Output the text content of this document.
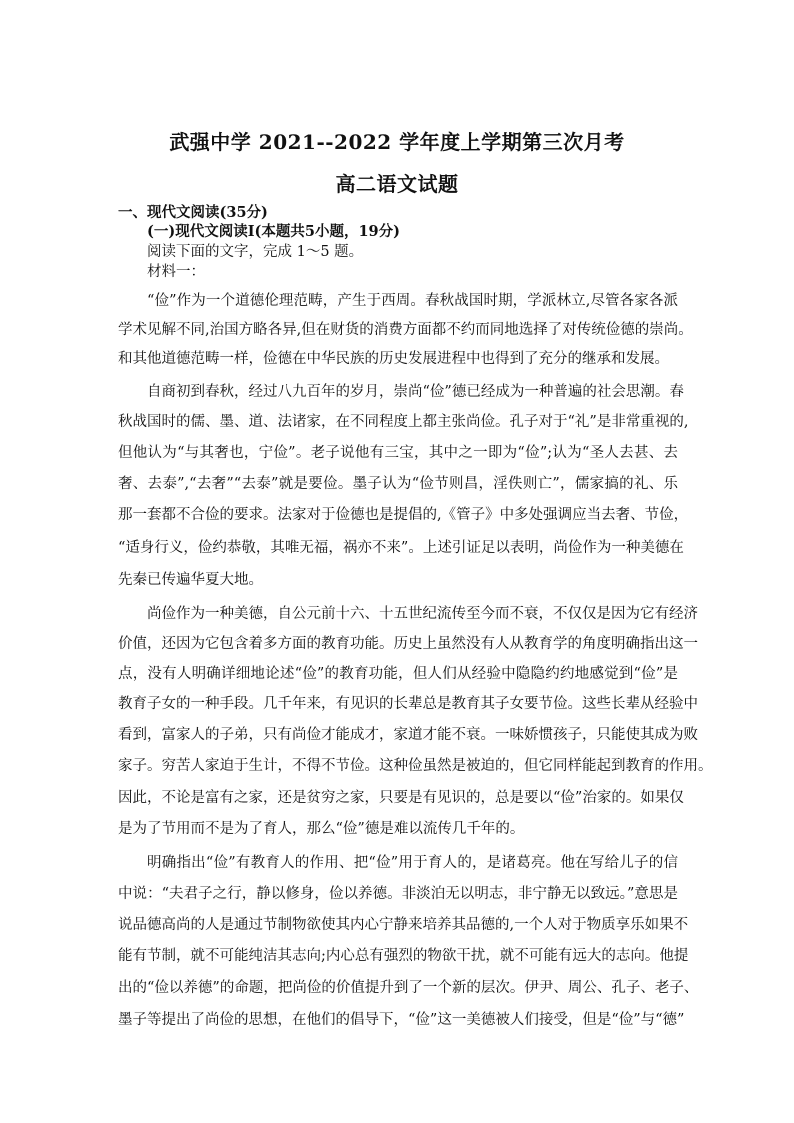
武强中学 2021--2022 学年度上学期第三次月考
高二语文试题
一、现代文阅读(35分)
(一)现代文阅读Ⅰ(本题共5小题，19分)
阅读下面的文字，完成 1～5 题。
材料一：
“俭”作为一个道德伦理范畴，产生于西周。春秋战国时期，学派林立,尽管各家各派
学术见解不同,治国方略各异,但在财货的消费方面都不约而同地选择了对传统俭德的崇尚。
和其他道德范畴一样，俭德在中华民族的历史发展进程中也得到了充分的继承和发展。
自商初到春秋，经过八九百年的岁月，崇尚“俭”德已经成为一种普遍的社会思潮。春
秋战国时的儒、墨、道、法诸家，在不同程度上都主张尚俭。孔子对于“礼”是非常重视的,
但他认为“与其奢也，宁俭”。老子说他有三宝，其中之一即为“俭”;认为“圣人去甚、去
奢、去泰”,“去奢”“去泰”就是要俭。墨子认为“俭节则昌，淫佚则亡”，儒家搞的礼、乐
那一套都不合俭的要求。法家对于俭德也是提倡的,《管子》中多处强调应当去奢、节俭，
“适身行义，俭约恭敬，其唯无福，祸亦不来”。上述引证足以表明，尚俭作为一种美德在
先秦已传遍华夏大地。
尚俭作为一种美德，自公元前十六、十五世纪流传至今而不衰，不仅仅是因为它有经济
价值，还因为它包含着多方面的教育功能。历史上虽然没有人从教育学的角度明确指出这一
点，没有人明确详细地论述“俭”的教育功能，但人们从经验中隐隐约约地感觉到“俭”是
教育子女的一种手段。几千年来，有见识的长辈总是教育其子女要节俭。这些长辈从经验中
看到，富家人的子弟，只有尚俭才能成才，家道才能不衰。一味娇惯孩子，只能使其成为败
家子。穷苦人家迫于生计，不得不节俭。这种俭虽然是被迫的，但它同样能起到教育的作用。
因此，不论是富有之家，还是贫穷之家，只要是有见识的，总是要以“俭”治家的。如果仅
是为了节用而不是为了育人，那么“俭”德是难以流传几千年的。
明确指出“俭”有教育人的作用、把“俭”用于育人的，是诸葛亮。他在写给儿子的信
中说：“夫君子之行，静以修身，俭以养德。非淡泊无以明志，非宁静无以致远。”意思是
说品德高尚的人是通过节制物欲使其内心宁静来培养其品德的,一个人对于物质享乐如果不
能有节制，就不可能纯洁其志向;内心总有强烈的物欲干扰，就不可能有远大的志向。他提
出的“俭以养德”的命题，把尚俭的价值提升到了一个新的层次。伊尹、周公、孔子、老子、
墨子等提出了尚俭的思想，在他们的倡导下，“俭”这一美德被人们接受，但是“俭”与“德”
